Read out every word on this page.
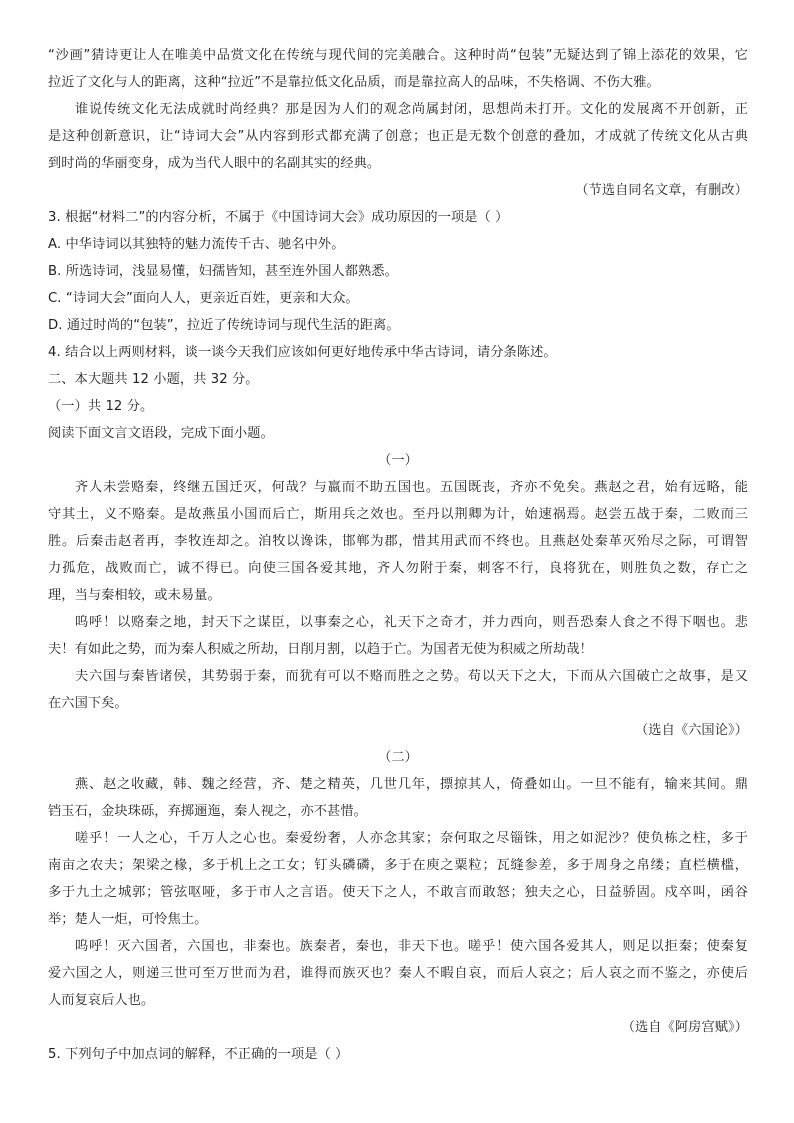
“沙画”猜诗更让人在唯美中品赏文化在传统与现代间的完美融合。这种时尚“包装”无疑达到了锦上添花的效果，它
拉近了文化与人的距离，这种“拉近”不是靠拉低文化品质，而是靠拉高人的品味，不失格调、不伤大雅。
谁说传统文化无法成就时尚经典？那是因为人们的观念尚属封闭，思想尚未打开。文化的发展离不开创新，正
是这种创新意识，让“诗词大会”从内容到形式都充满了创意；也正是无数个创意的叠加，才成就了传统文化从古典
到时尚的华丽变身，成为当代人眼中的名副其实的经典。
（节选自同名文章，有删改）
3. 根据“材料二”的内容分析，不属于《中国诗词大会》成功原因的一项是（ ）
A. 中华诗词以其独特的魅力流传千古、驰名中外。
B. 所选诗词，浅显易懂，妇孺皆知，甚至连外国人都熟悉。
C. “诗词大会”面向人人，更亲近百姓，更亲和大众。
D. 通过时尚的“包装”，拉近了传统诗词与现代生活的距离。
4. 结合以上两则材料，谈一谈今天我们应该如何更好地传承中华古诗词，请分条陈述。
二、本大题共 12 小题，共 32 分。
（一）共 12 分。
阅读下面文言文语段，完成下面小题。
（一）
齐人未尝赂秦，终继五国迁灭，何哉？与嬴而不助五国也。五国既丧，齐亦不免矣。燕赵之君，始有远略，能
守其土，义不赂秦。是故燕虽小国而后亡，斯用兵之效也。至丹以荆卿为计，始速祸焉。赵尝五战于秦，二败而三
胜。后秦击赵者再，李牧连却之。洎牧以谗诛，邯郸为郡，惜其用武而不终也。且燕赵处秦革灭殆尽之际，可谓智
力孤危，战败而亡，诚不得已。向使三国各爱其地，齐人勿附于秦，刺客不行，良将犹在，则胜负之数，存亡之
理，当与秦相较，或未易量。
呜呼！以赂秦之地，封天下之谋臣，以事秦之心，礼天下之奇才，并力西向，则吾恐秦人食之不得下咽也。悲
夫！有如此之势，而为秦人积威之所劫，日削月割，以趋于亡。为国者无使为积威之所劫哉！
夫六国与秦皆诸侯，其势弱于秦，而犹有可以不赂而胜之之势。苟以天下之大，下而从六国破亡之故事，是又
在六国下矣。
（选自《六国论》）
（二）
燕、赵之收藏，韩、魏之经营，齐、楚之精英，几世几年，摽掠其人，倚叠如山。一旦不能有，输来其间。鼎
铛玉石，金块珠砾，弃掷逦迤，秦人视之，亦不甚惜。
嗟乎！一人之心，千万人之心也。秦爱纷奢，人亦念其家；奈何取之尽锱铢，用之如泥沙？使负栋之柱，多于
南亩之农夫；架梁之椽，多于机上之工女；钉头磷磷，多于在庾之粟粒；瓦缝参差，多于周身之帛缕；直栏横槛，
多于九土之城郭；管弦呕哑，多于市人之言语。使天下之人，不敢言而敢怒；独夫之心，日益骄固。戍卒叫，函谷
举；楚人一炬，可怜焦土。
呜呼！灭六国者，六国也，非秦也。族秦者，秦也，非天下也。嗟乎！使六国各爱其人，则足以拒秦；使秦复
爱六国之人，则递三世可至万世而为君，谁得而族灭也？秦人不暇自哀，而后人哀之；后人哀之而不鉴之，亦使后
人而复哀后人也。
（选自《阿房宫赋》）
5. 下列句子中加点词的解释，不正确的一项是（ ）
